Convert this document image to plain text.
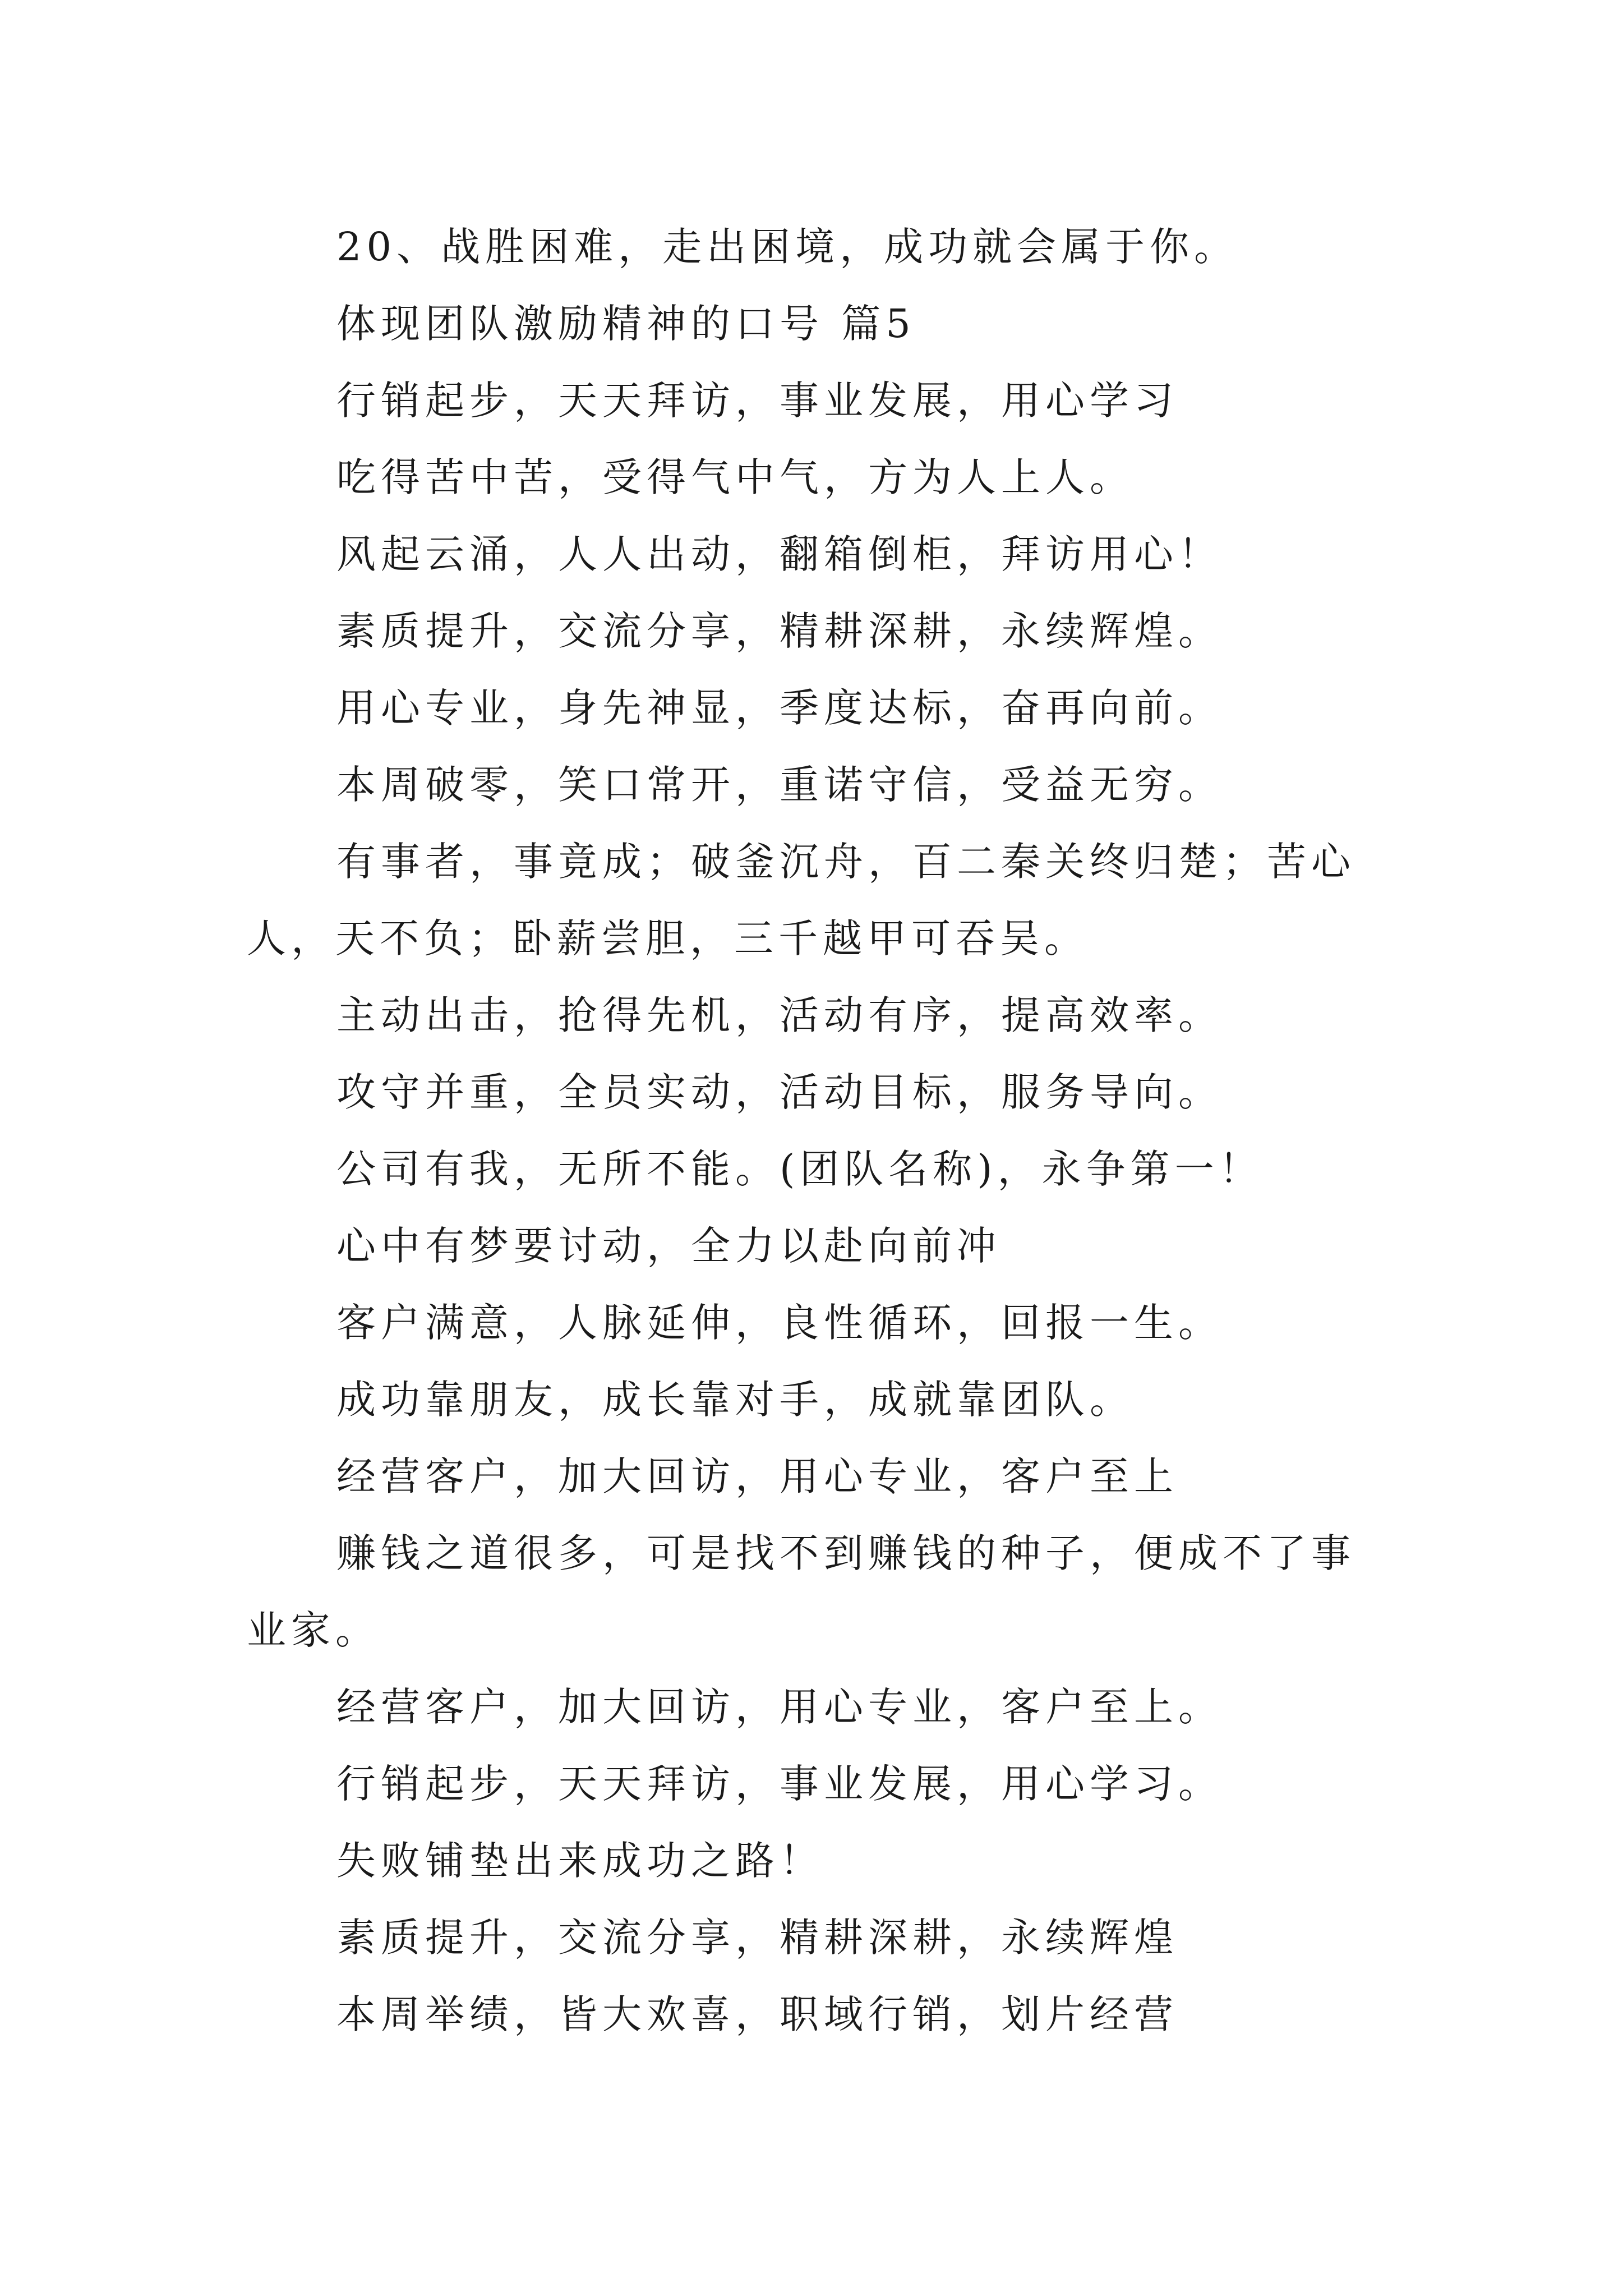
20、战胜困难，走出困境，成功就会属于你。

体现团队激励精神的口号 篇5

行销起步，天天拜访，事业发展，用心学习

吃得苦中苦，受得气中气，方为人上人。

风起云涌，人人出动，翻箱倒柜，拜访用心！

素质提升，交流分享，精耕深耕，永续辉煌。

用心专业，身先神显，季度达标，奋再向前。

本周破零，笑口常开，重诺守信，受益无穷。

有事者，事竟成；破釜沉舟，百二秦关终归楚；苦心人，天不负；卧薪尝胆，三千越甲可吞吴。

主动出击，抢得先机，活动有序，提高效率。

攻守并重，全员实动，活动目标，服务导向。

公司有我，无所不能。(团队名称)，永争第一！

心中有梦要讨动，全力以赴向前冲

客户满意，人脉延伸，良性循环，回报一生。

成功靠朋友，成长靠对手，成就靠团队。

经营客户，加大回访，用心专业，客户至上

赚钱之道很多，可是找不到赚钱的种子，便成不了事业家。

经营客户，加大回访，用心专业，客户至上。

行销起步，天天拜访，事业发展，用心学习。

失败铺垫出来成功之路！

素质提升，交流分享，精耕深耕，永续辉煌

本周举绩，皆大欢喜，职域行销，划片经营
